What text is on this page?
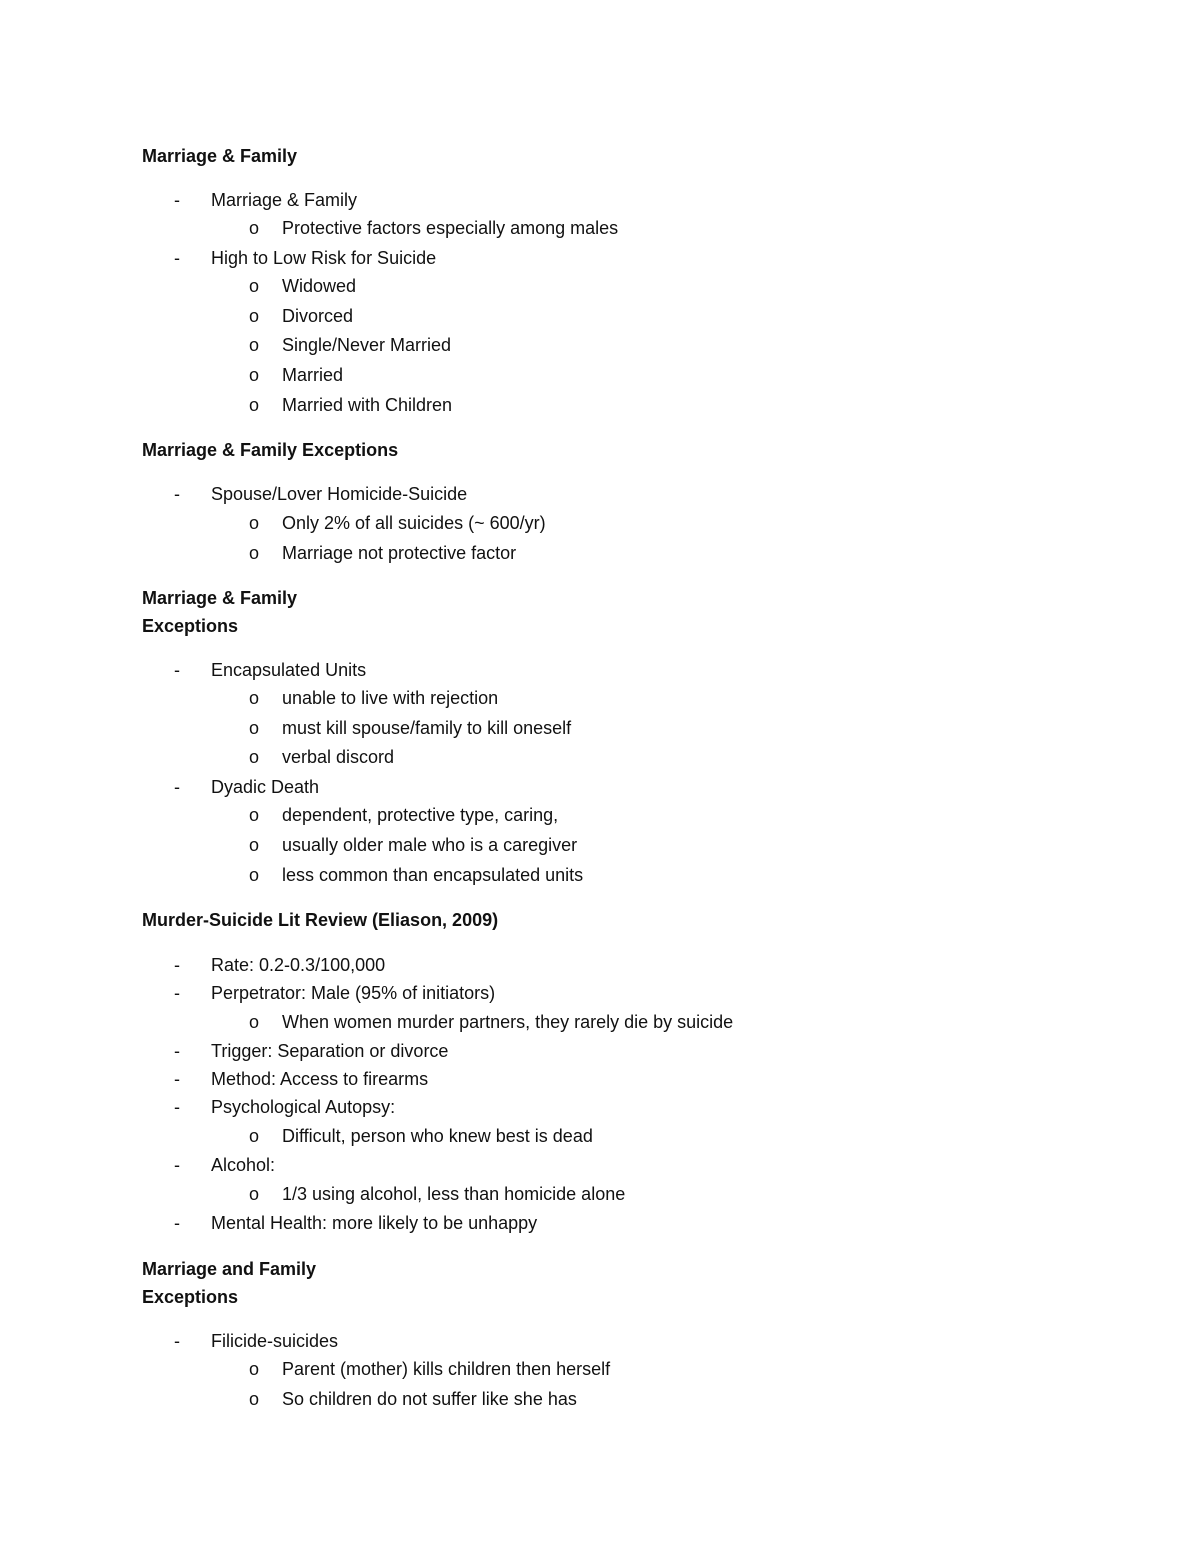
Marriage & Family
- Marriage & Family
o Protective factors especially among males
- High to Low Risk for Suicide
o Widowed
o Divorced
o Single/Never Married
o Married
o Married with Children
Marriage & Family Exceptions
- Spouse/Lover Homicide-Suicide
o Only 2% of all suicides (~ 600/yr)
o Marriage not protective factor
Marriage & Family
Exceptions
- Encapsulated Units
o unable to live with rejection
o must kill spouse/family to kill oneself
o verbal discord
- Dyadic Death
o dependent, protective type, caring,
o usually older male who is a caregiver
o less common than encapsulated units
Murder-Suicide Lit Review (Eliason, 2009)
- Rate: 0.2-0.3/100,000
- Perpetrator: Male (95% of initiators)
o When women murder partners, they rarely die by suicide
- Trigger: Separation or divorce
- Method: Access to firearms
- Psychological Autopsy:
o Difficult, person who knew best is dead
- Alcohol:
o 1/3 using alcohol, less than homicide alone
- Mental Health: more likely to be unhappy
Marriage and Family
Exceptions
- Filicide-suicides
o Parent (mother) kills children then herself
o So children do not suffer like she has
